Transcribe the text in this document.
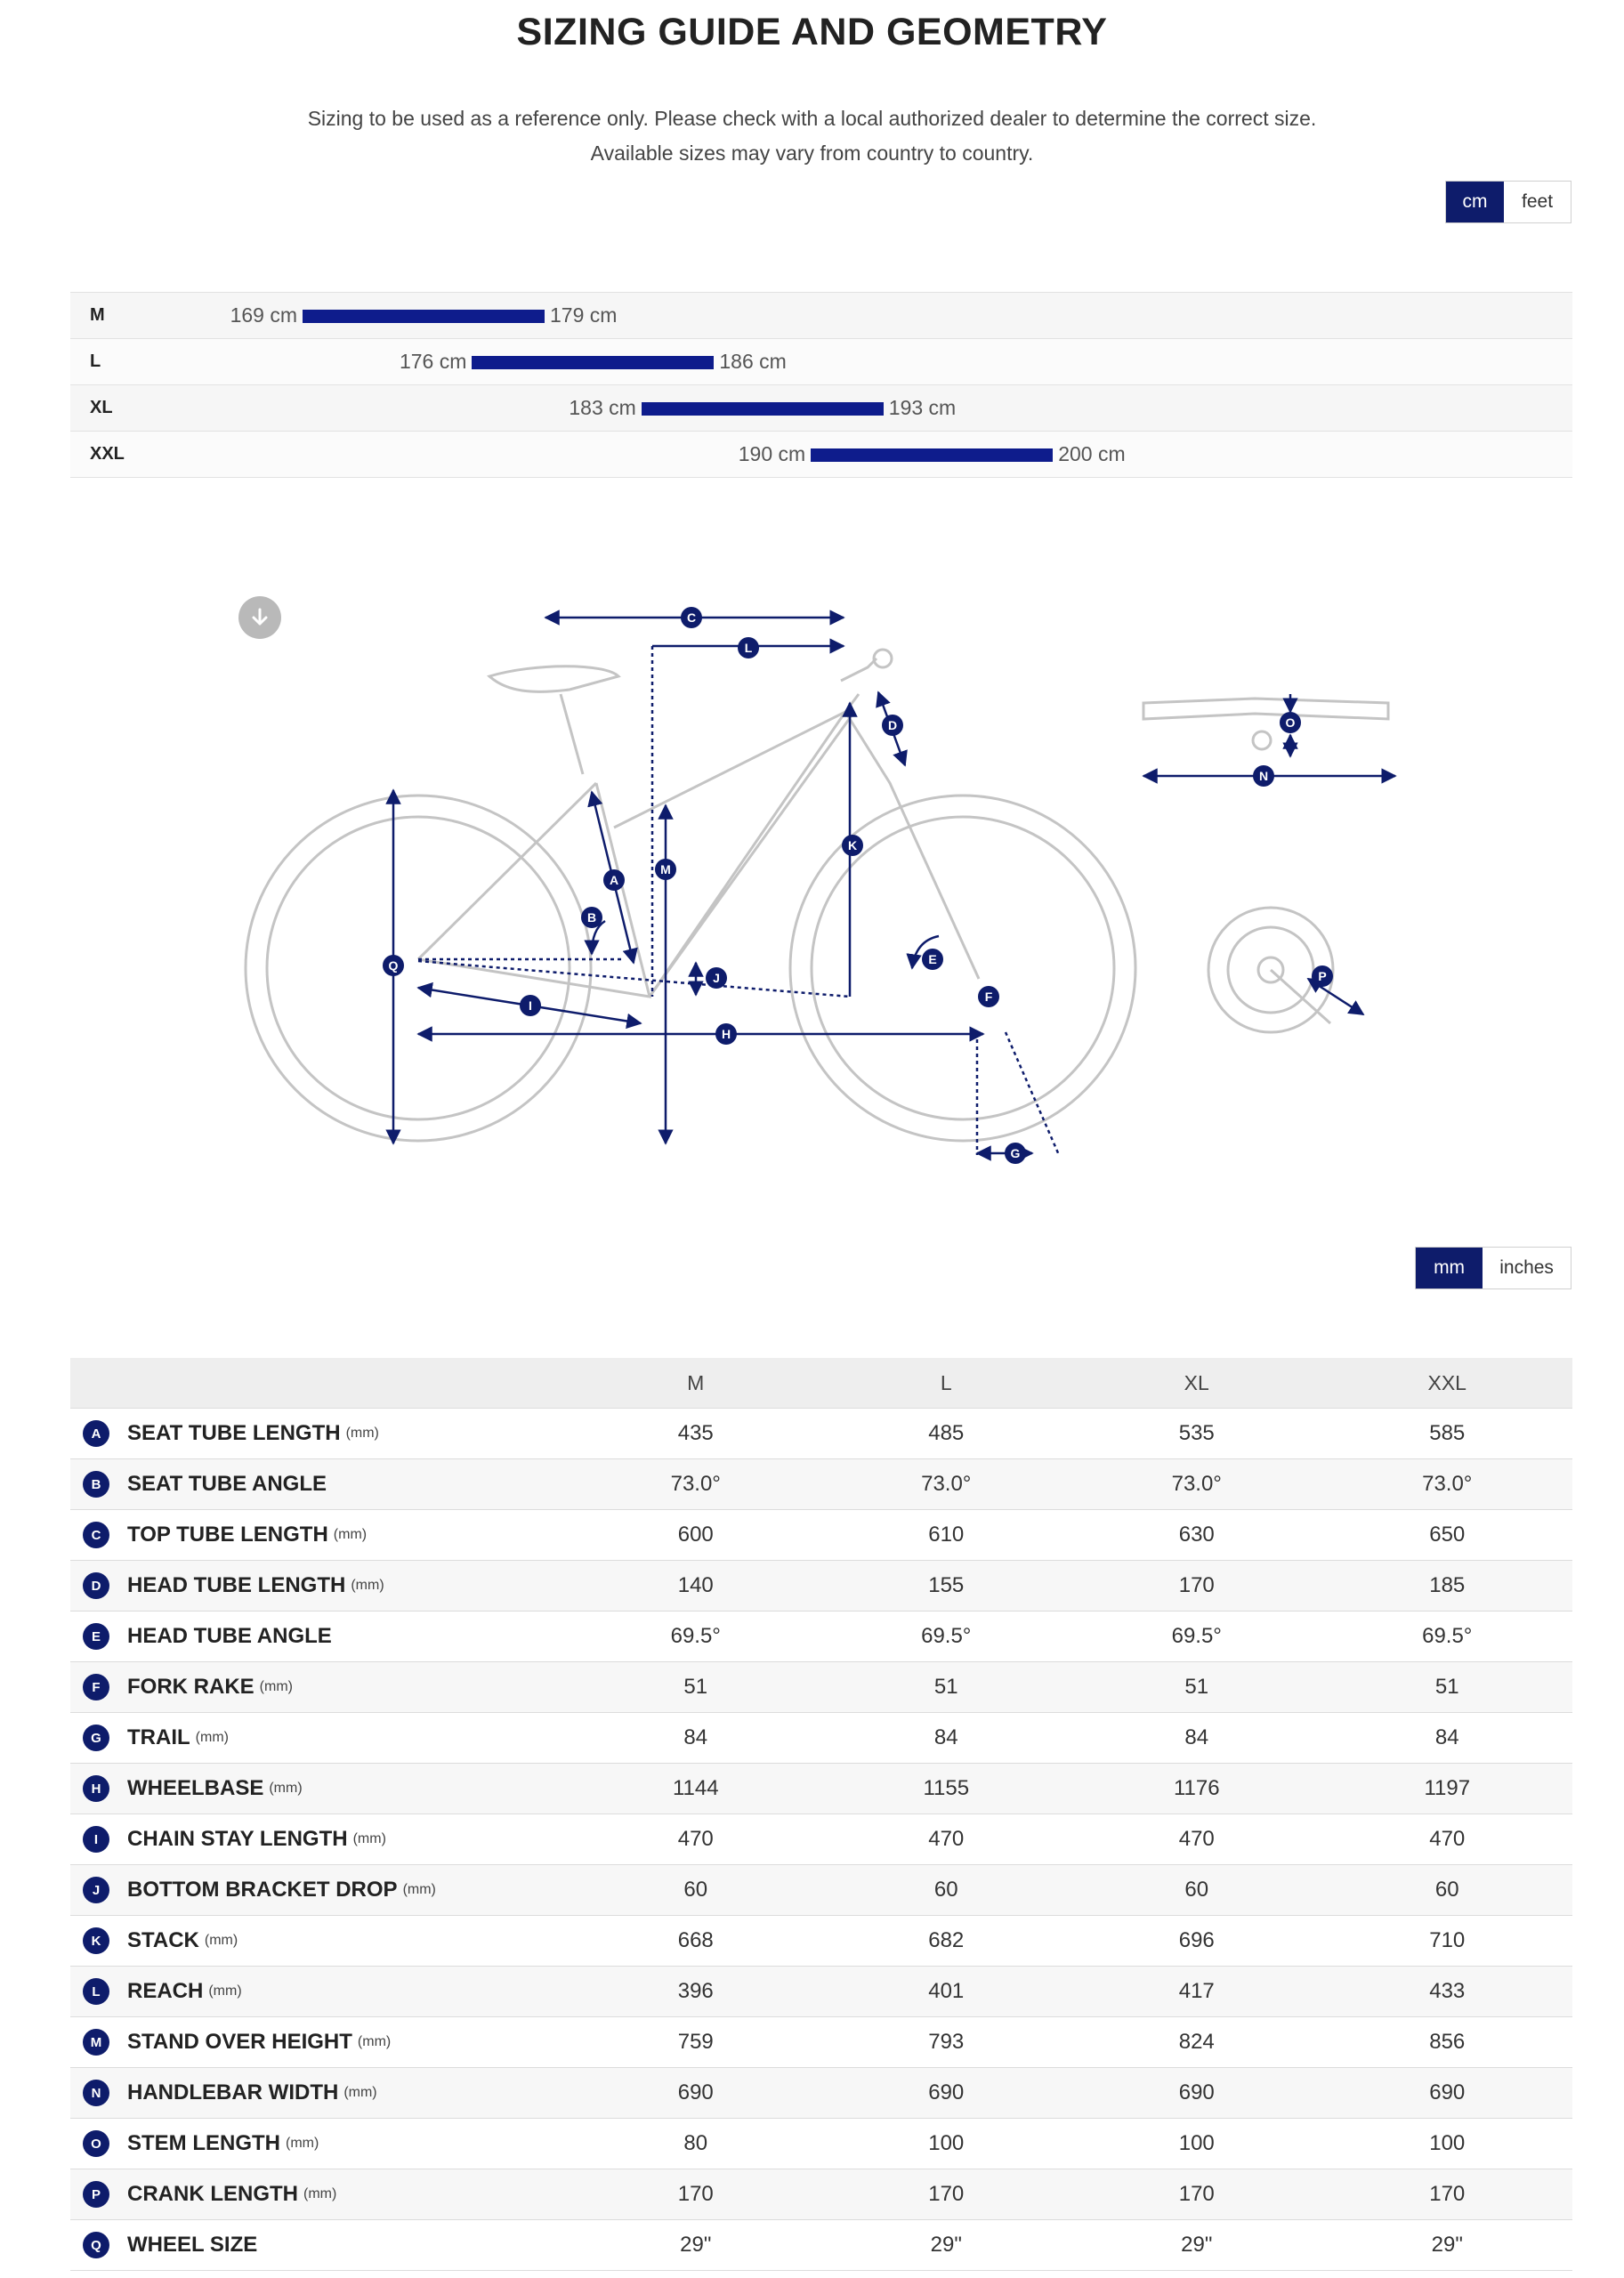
SIZING GUIDE AND GEOMETRY
Sizing to be used as a reference only. Please check with a local authorized dealer to determine the correct size.
Available sizes may vary from country to country.
cm	feet
M	169 cm	179 cm
L	176 cm	186 cm
XL	183 cm	193 cm
XXL	190 cm	200 cm
A
B
C
D
E
F
G
H
I
J
K
L
M
N
O
P
Q
mm	inches
	M	L	XL	XXL
A SEAT TUBE LENGTH (mm)	435	485	535	585
B SEAT TUBE ANGLE	73.0°	73.0°	73.0°	73.0°
C TOP TUBE LENGTH (mm)	600	610	630	650
D HEAD TUBE LENGTH (mm)	140	155	170	185
E HEAD TUBE ANGLE	69.5°	69.5°	69.5°	69.5°
F FORK RAKE (mm)	51	51	51	51
G TRAIL (mm)	84	84	84	84
H WHEELBASE (mm)	1144	1155	1176	1197
I CHAIN STAY LENGTH (mm)	470	470	470	470
J BOTTOM BRACKET DROP (mm)	60	60	60	60
K STACK (mm)	668	682	696	710
L REACH (mm)	396	401	417	433
M STAND OVER HEIGHT (mm)	759	793	824	856
N HANDLEBAR WIDTH (mm)	690	690	690	690
O STEM LENGTH (mm)	80	100	100	100
P CRANK LENGTH (mm)	170	170	170	170
Q WHEEL SIZE	29"	29"	29"	29"
